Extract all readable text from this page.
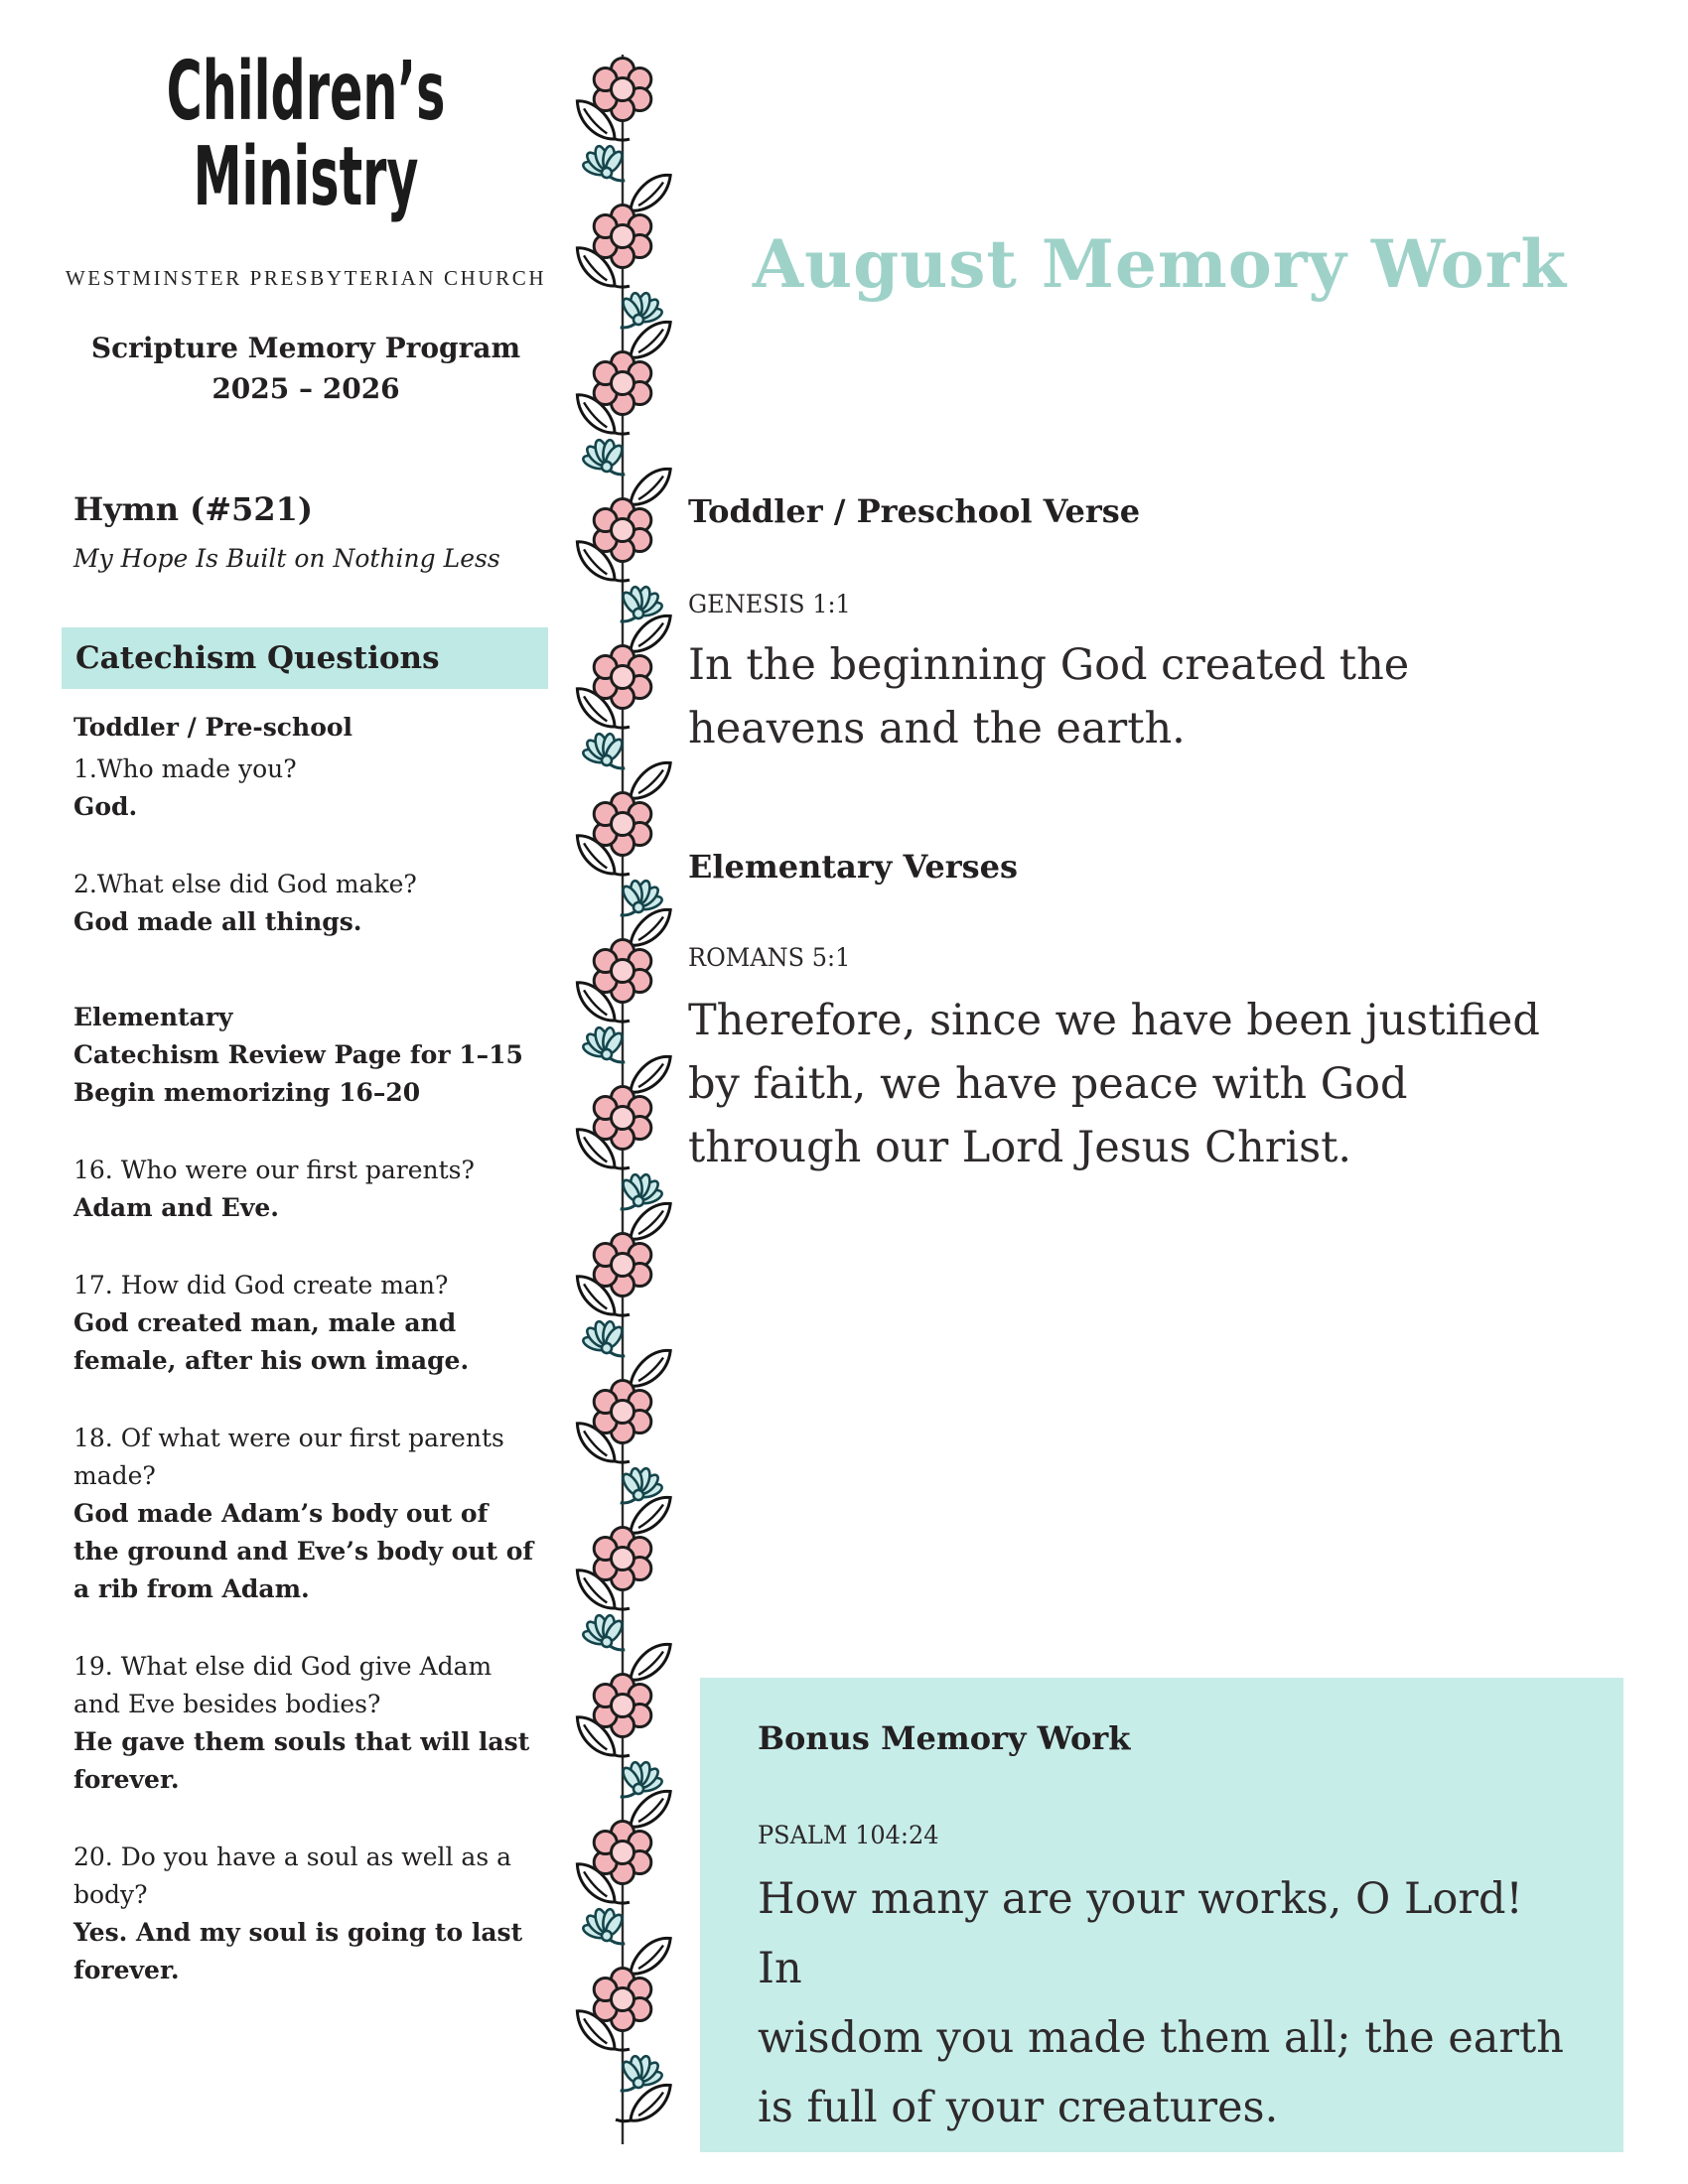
Children’s
Ministry
WESTMINSTER PRESBYTERIAN CHURCH
Scripture Memory Program
2025 – 2026
Hymn (#521)
My Hope Is Built on Nothing Less
Catechism Questions
Toddler / Pre-school

1.Who made you?

God.

2.What else did God make?

God made all things.

Elementary

Catechism Review Page for 1–15
Begin memorizing 16–20

16. Who were our first parents?

Adam and Eve.

17. How did God create man?

God created man, male and
female, after his own image.

18. Of what were our first parents
made?

God made Adam’s body out of
the ground and Eve’s body out of
a rib from Adam.

19. What else did God give Adam
and Eve besides bodies?

He gave them souls that will last
forever.

20. Do you have a soul as well as a
body?

Yes. And my soul is going to last
forever.

August Memory Work
Toddler / Preschool Verse
GENESIS 1:1
In the beginning God created the
heavens and the earth.
Elementary Verses
ROMANS 5:1
Therefore, since we have been justified
by faith, we have peace with God
through our Lord Jesus Christ.
Bonus Memory Work
PSALM 104:24
How many are your works, O Lord! In
wisdom you made them all; the earth
is full of your creatures.
